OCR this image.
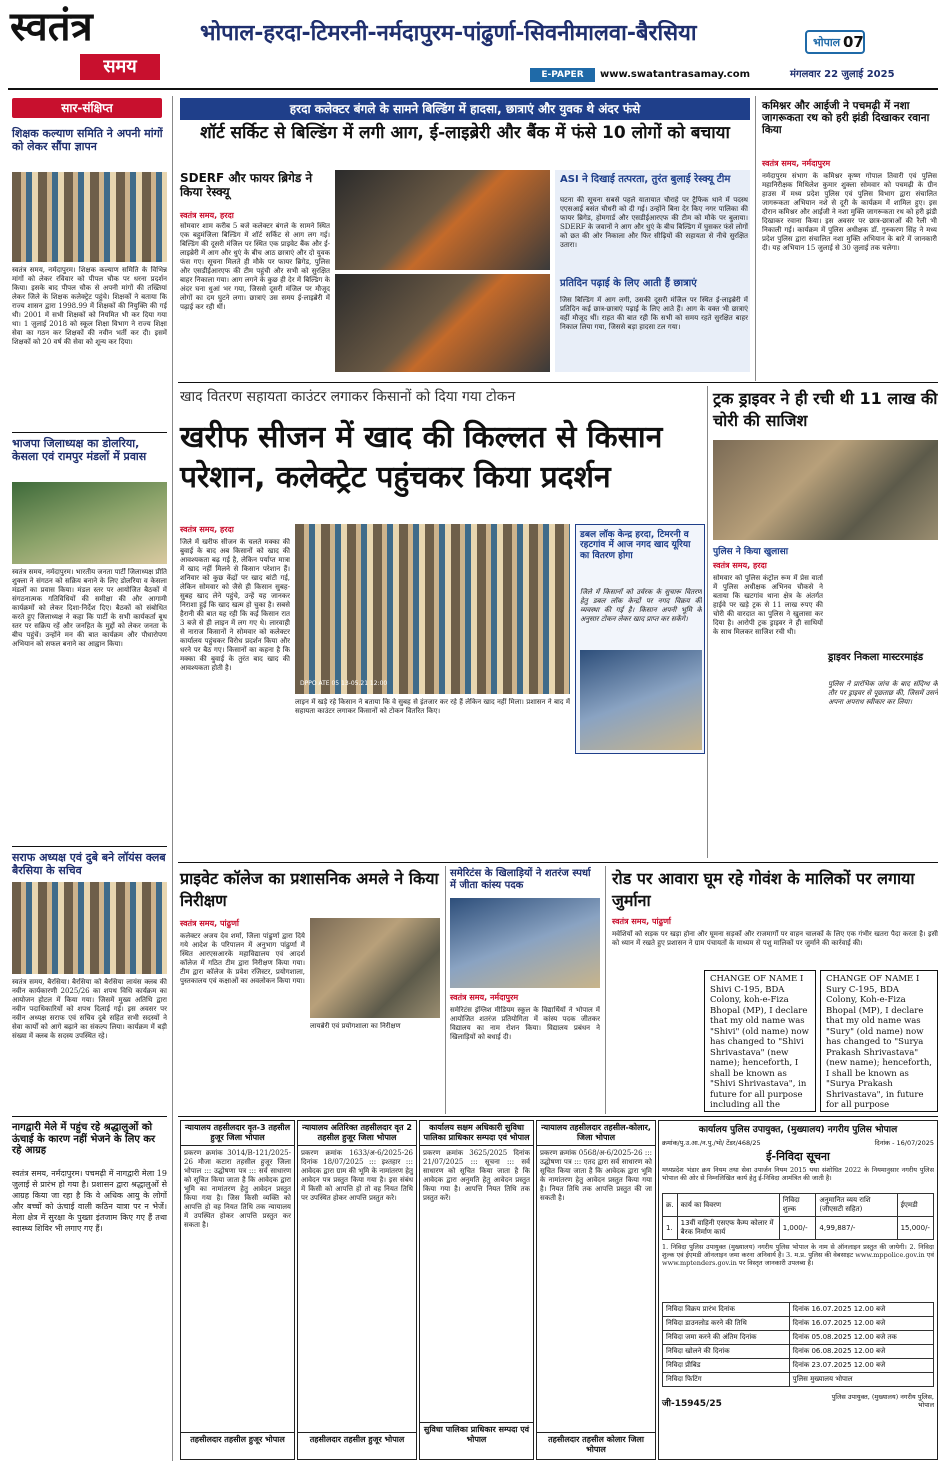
स्वतंत्र
समय
भोपाल-हरदा-टिमरनी-नर्मदापुरम-पांढुर्णा-सिवनीमालवा-बैरसिया
E-PAPER	www.swatantrasamay.com
भोपाल 07
मंगलवार 22 जुलाई 2025
सार-संक्षिप्त
शिक्षक कल्याण समिति ने अपनी मांगों को लेकर सौंपा ज्ञापन
स्वतंत्र समय, नर्मदापुरम। शिक्षक कल्याण समिति के विभिन्न मांगों को लेकर रविवार को पीपल चौक पर धरना प्रदर्शन किया। इसके बाद पीपल चौक से अपनी मांगों की तख्तियां लेकर जिले के शिक्षक कलेक्ट्रेट पहुंचे। शिक्षकों ने बताया कि राज्य शासन द्वारा 1998.99 में शिक्षकों की नियुक्ति की गई थी। 2001 में सभी शिक्षकों को नियमित भी कर दिया गया था। 1 जुलाई 2018 को स्कूल शिक्षा विभाग ने राज्य शिक्षा सेवा का गठन कर शिक्षकों की नवीन भर्ती कर दी। इसमें शिक्षकों को 20 वर्ष की सेवा को शून्य कर दिया।
भाजपा जिलाध्यक्ष का डोलरिया, केसला एवं रामपुर मंडलों में प्रवास
स्वतंत्र समय, नर्मदापुरम। भारतीय जनता पार्टी जिलाध्यक्ष प्रीति शुक्ला ने संगठन को सक्रिय बनाने के लिए डोलरिया व केसला मंडलों का प्रवास किया। मंडल स्तर पर आयोजित बैठकों में संगठनात्मक गतिविधियों की समीक्षा की और आगामी कार्यक्रमों को लेकर दिशा-निर्देश दिए। बैठकों को संबोधित करते हुए जिलाध्यक्ष ने कहा कि पार्टी के सभी कार्यकर्ता बूथ स्तर पर सक्रिय रहें और जनहित के मुद्दों को लेकर जनता के बीच पहुंचें। उन्होंने मन की बात कार्यक्रम और पौधारोपण अभियान को सफल बनाने का आह्वान किया।
सराफ अध्यक्ष एवं दुबे बने लॉयंस क्लब बैरसिया के सचिव
स्वतंत्र समय, बैरसिया। बैरसिया को बैरसिया लायंस क्लब की नवीन कार्यकारणी 2025/26 का शपथ विधि कार्यक्रम का आयोजन होटल में किया गया। जिसमें मुख्य अतिथि द्वारा नवीन पदाधिकारियों को शपथ दिलाई गई। इस अवसर पर नवीन अध्यक्ष सराफ एवं सचिव दुबे सहित सभी सदस्यों ने सेवा कार्यों को आगे बढ़ाने का संकल्प लिया। कार्यक्रम में बड़ी संख्या में क्लब के सदस्य उपस्थित रहे।
नागद्वारी मेले में पहुंच रहे श्रद्धालुओं को ऊंचाई के कारण नहीं भेजने के लिए कर रहे आग्रह
स्वतंत्र समय, नर्मदापुरम। पचमढ़ी में नागद्वारी मेला 19 जुलाई से प्रारंभ हो गया है। प्रशासन द्वारा श्रद्धालुओं से आग्रह किया जा रहा है कि वे अधिक आयु के लोगों और बच्चों को ऊंचाई वाली कठिन यात्रा पर न भेजें। मेला क्षेत्र में सुरक्षा के पुख्ता इंतजाम किए गए हैं तथा स्वास्थ्य शिविर भी लगाए गए हैं।
हरदा कलेक्टर बंगले के सामने बिल्डिंग में हादसा, छात्राएं और युवक थे अंदर फंसे
शॉर्ट सर्किट से बिल्डिंग में लगी आग, ई-लाइब्रेरी और बैंक में फंसे 10 लोगों को बचाया
SDERF और फायर ब्रिगेड ने किया रेस्क्यू
स्वतंत्र समय, हरदा
सोमवार शाम करीब 5 बजे कलेक्टर बंगले के सामने स्थित एक बहुमंजिला बिल्डिंग में शॉर्ट सर्किट से आग लग गई। बिल्डिंग की दूसरी मंजिल पर स्थित एक प्राइवेट बैंक और ई-लाइब्रेरी में आग और धुएं के बीच आठ छात्राएं और दो युवक फंस गए। सूचना मिलते ही मौके पर फायर ब्रिगेड, पुलिस और एसडीईआरएफ की टीम पहुंची और सभी को सुरक्षित बाहर निकाला गया। आग लगने के कुछ ही देर में बिल्डिंग के अंदर घना धुआं भर गया, जिससे दूसरी मंजिल पर मौजूद लोगों का दम घुटने लगा। छात्राएं उस समय ई-लाइब्रेरी में पढ़ाई कर रही थीं।
ASI ने दिखाई तत्परता, तुरंत बुलाई रेस्क्यू टीम
घटना की सूचना सबसे पहले यातायात चौराहे पर ट्रैफिक थाने में पदस्थ एएसआई बसंत चौधरी को दी गई। उन्होंने बिना देर किए नगर पालिका की फायर ब्रिगेड, होमगार्ड और एसडीईआरएफ की टीम को मौके पर बुलाया। SDERF के जवानों ने आग और धुएं के बीच बिल्डिंग में घुसकर फंसे लोगों को छत की ओर निकाला और फिर सीढ़ियों की सहायता से नीचे सुरक्षित उतारा।
प्रतिदिन पढ़ाई के लिए आती हैं छात्राएं
जिस बिल्डिंग में आग लगी, उसकी दूसरी मंजिल पर स्थित ई-लाइब्रेरी में प्रतिदिन कई छात्र-छात्राएं पढ़ाई के लिए आते हैं। आग के वक्त भी छात्राएं वहीं मौजूद थीं। राहत की बात रही कि सभी को समय रहते सुरक्षित बाहर निकाल लिया गया, जिससे बड़ा हादसा टल गया।
कमिश्नर और आईजी ने पचमढ़ी में नशा जागरूकता रथ को हरी झंडी दिखाकर रवाना किया
स्वतंत्र समय, नर्मदापुरम
नर्मदापुरम संभाग के कमिश्नर कृष्ण गोपाल तिवारी एवं पुलिस महानिरीक्षक मिथिलेश कुमार शुक्ला सोमवार को पचमढ़ी के ग्रीन हाउस में मध्य प्रदेश पुलिस एवं पुलिस विभाग द्वारा संचालित जागरूकता अभियान नशे से दूरी के कार्यक्रम में शामिल हुए। इस दौरान कमिश्नर और आईजी ने नशा मुक्ति जागरूकता रथ को हरी झंडी दिखाकर रवाना किया। इस अवसर पर छात्र-छात्राओं की रैली भी निकाली गई। कार्यक्रम में पुलिस अधीक्षक डॉ. गुरुकरण सिंह ने मध्य प्रदेश पुलिस द्वारा संचालित नशा मुक्ति अभियान के बारे में जानकारी दी। यह अभियान 15 जुलाई से 30 जुलाई तक चलेगा।
खाद वितरण सहायता काउंटर लगाकर किसानों को दिया गया टोकन
खरीफ सीजन में खाद की किल्लत से किसान परेशान, कलेक्ट्रेट पहुंचकर किया प्रदर्शन
स्वतंत्र समय, हरदा
जिले में खरीफ सीजन के चलते मक्का की बुवाई के बाद अब किसानों को खाद की आवश्यकता बढ़ गई है, लेकिन पर्याप्त मात्रा में खाद नहीं मिलने से किसान परेशान हैं। शनिवार को कुछ केंद्रों पर खाद बांटी गई, लेकिन सोमवार को जैसे ही किसान सुबह-सुबह खाद लेने पहुंचे, उन्हें यह जानकर निराशा हुई कि खाद खत्म हो चुका है। सबसे हैरानी की बात यह रही कि कई किसान रात 3 बजे से ही लाइन में लग गए थे। लारवाही से नाराज किसानों ने सोमवार को कलेक्टर कार्यालय पहुंचकर विरोध प्रदर्शन किया और धरने पर बैठ गए। किसानों का कहना है कि मक्का की बुवाई के तुरंत बाद खाद की आवश्यकता होती है।
DPPO ATE 05 13-05.21 12:00
लाइन में खड़े रहे किसान ने बताया कि वे सुबह से इंतजार कर रहे हैं लेकिन खाद नहीं मिला। प्रशासन ने बाद में सहायता काउंटर लगाकर किसानों को टोकन वितरित किए।
डबल लॉक केन्द्र हरदा, टिमरनी व रहटगांव में आज नगद खाद यूरिया का वितरण होगा
जिले में किसानों को उर्वरक के सुचारू वितरण हेतु डबल लॉक केन्द्रों पर नगद विक्रय की व्यवस्था की गई है। किसान अपनी भूमि के अनुसार टोकन लेकर खाद प्राप्त कर सकेंगे।
ट्रक ड्राइवर ने ही रची थी 11 लाख की चोरी की साजिश
पुलिस ने किया खुलासा
स्वतंत्र समय, हरदा
सोमवार को पुलिस कंट्रोल रूम में प्रेस वार्ता में पुलिस अधीक्षक अभिनव चौकसे ने बताया कि खटगांव थाना क्षेत्र के अंतर्गत हाईवे पर खड़े ट्रक से 11 लाख रुपए की चोरी की वारदात का पुलिस ने खुलासा कर दिया है। आरोपी ट्रक ड्राइवर ने ही साथियों के साथ मिलकर साजिश रची थी।
ड्राइवर निकला मास्टरमाइंड
पुलिस ने प्रारंभिक जांच के बाद संदिग्ध के तौर पर ड्राइवर से पूछताछ की, जिसमें उसने अपना अपराध स्वीकार कर लिया।
प्राइवेट कॉलेज का प्रशासनिक अमले ने किया निरीक्षण
स्वतंत्र समय, पांढुर्णा
कलेक्टर अजय देव शर्मा, जिला पांढुर्णा द्वारा दिये गये आदेश के परिपालन में अनुभाग पांढुर्णा में स्थित आरएसआरके महाविद्यालय एवं आदर्श कॉलेज में गठित टीम द्वारा निरीक्षण किया गया। टीम द्वारा कॉलेज के प्रवेश रजिस्टर, प्रयोगशाला, पुस्तकालय एवं कक्षाओं का अवलोकन किया गया।
लायब्रेरी एवं प्रयोगशाला का निरीक्षण
समेरिटंस के खिलाड़ियों ने शतरंज स्पर्धा में जीता कांस्य पदक
स्वतंत्र समय, नर्मदापुरम
समेरिटंस इंग्लिश मीडियम स्कूल के विद्यार्थियों ने भोपाल में आयोजित शतरंज प्रतियोगिता में कांस्य पदक जीतकर विद्यालय का नाम रोशन किया। विद्यालय प्रबंधन ने खिलाड़ियों को बधाई दी।
रोड पर आवारा घूम रहे गोवंश के मालिकों पर लगाया जुर्माना
स्वतंत्र समय, पांढुर्णा
मवेशियों को सड़क पर खड़ा होना और घूमना सड़कों और राजमार्गों पर वाहन चालकों के लिए एक गंभीर खतरा पैदा करता है। इसी को ध्यान में रखते हुए प्रशासन ने ग्राम पंचायतों के माध्यम से पशु मालिकों पर जुर्माने की कार्रवाई की।
CHANGE OF NAME I Shivi C-195, BDA Colony, koh-e-Fiza Bhopal (MP), I declare that my old name was "Shivi" (old name) now has changed to "Shivi Shrivastava" (new name); henceforth, I shall be known as "Shivi Shrivastava", in future for all purpose including all the
CHANGE OF NAME I Sury C-195, BDA Colony, Koh-e-Fiza Bhopal (MP), I declare that my old name was "Sury" (old name) now has changed to "Surya Prakash Shrivastava" (new name); henceforth, I shall be known as "Surya Prakash Shrivastava", in future for all purpose
न्यायालय तहसीलदार वृत-3 तहसील हुजूर जिला भोपाल
प्रकरण क्रमांक 3014/B-121/2025-26 मौजा कटारा तहसील हुजूर जिला भोपाल ::: उद्घोषणा पत्र ::: सर्व साधारण को सूचित किया जाता है कि आवेदक द्वारा भूमि का नामांतरण हेतु आवेदन प्रस्तुत किया गया है। जिस किसी व्यक्ति को आपत्ति हो वह नियत तिथि तक न्यायालय में उपस्थित होकर आपत्ति प्रस्तुत कर सकता है।
तहसीलदार तहसील हुजूर भोपाल
न्यायालय अतिरिक्त तहसीलदार वृत 2 तहसील हुजूर जिला भोपाल
प्रकरण क्रमांक 1633/अ-6/2025-26 दिनांक 18/07/2025 ::: इश्तहार ::: आवेदक द्वारा ग्राम की भूमि के नामांतरण हेतु आवेदन पत्र प्रस्तुत किया गया है। इस संबंध में किसी को आपत्ति हो तो वह नियत तिथि पर उपस्थित होकर आपत्ति प्रस्तुत करे।
तहसीलदार तहसील हुजूर भोपाल
कार्यालय सक्षम अधिकारी सुविधा पालिका प्राधिकार सम्पदा एवं भोपाल
प्रकरण क्रमांक 3625/2025 दिनांक 21/07/2025 ::: सूचना ::: सर्व साधारण को सूचित किया जाता है कि आवेदक द्वारा अनुमति हेतु आवेदन प्रस्तुत किया गया है। आपत्ति नियत तिथि तक प्रस्तुत करें।
सुविधा पालिका प्राधिकार सम्पदा एवं भोपाल
न्यायालय तहसीलदार तहसील-कोलार, जिला भोपाल
प्रकरण क्रमांक 0568/अ-6/2025-26 ::: उद्घोषणा पत्र ::: एतद द्वारा सर्व साधारण को सूचित किया जाता है कि आवेदक द्वारा भूमि के नामांतरण हेतु आवेदन प्रस्तुत किया गया है। नियत तिथि तक आपत्ति प्रस्तुत की जा सकती है।
तहसीलदार तहसील कोलार जिला भोपाल
कार्यालय पुलिस उपायुक्त, (मुख्यालय) नगरीय पुलिस भोपाल
क्रमांक/पु.उ.आ./न.पु./भो/ टेंडर/468/25	दिनांक - 16/07/2025
ई-निविदा सूचना
मध्यप्रदेश भंडार क्रय नियम तथा सेवा उपार्जन नियम 2015 यथा संशोधित 2022 के नियमानुसार नगरीय पुलिस भोपाल की ओर से निम्नलिखित कार्य हेतु ई-निविदा आमंत्रित की जाती है।
क्र.	कार्य का विवरण	निविदा शुल्क	अनुमानित व्यय राशि (जीएसटी सहित)	ईएमडी
1.	13वीं वाहिनी एसएफ कैम्प कोलार में बैरक निर्माण कार्य	1,000/-	4,99,887/-	15,000/-
1. निविदा पुलिस उपायुक्त (मुख्यालय) नगरीय पुलिस भोपाल के नाम से ऑनलाइन प्रस्तुत की जायेगी। 2. निविदा शुल्क एवं ईएमडी ऑनलाइन जमा करना अनिवार्य है। 3. म.प्र. पुलिस की वेबसाइट www.mppolice.gov.in एवं www.mptenders.gov.in पर विस्तृत जानकारी उपलब्ध है।
निविदा विक्रय प्रारंभ दिनांक	दिनांक 16.07.2025 12.00 बजे
निविदा डाउनलोड करने की तिथि	दिनांक 16.07.2025 12.00 बजे
निविदा जमा करने की अंतिम दिनांक	दिनांक 05.08.2025 12.00 बजे तक
निविदा खोलने की दिनांक	दिनांक 06.08.2025 12.00 बजे
निविदा प्रीबिड	दिनांक 23.07.2025 12.00 बजे
निविदा फिटिंग	पुलिस मुख्यालय भोपाल
जी-15945/25
पुलिस उपायुक्त, (मुख्यालय) नगरीय पुलिस, भोपाल
